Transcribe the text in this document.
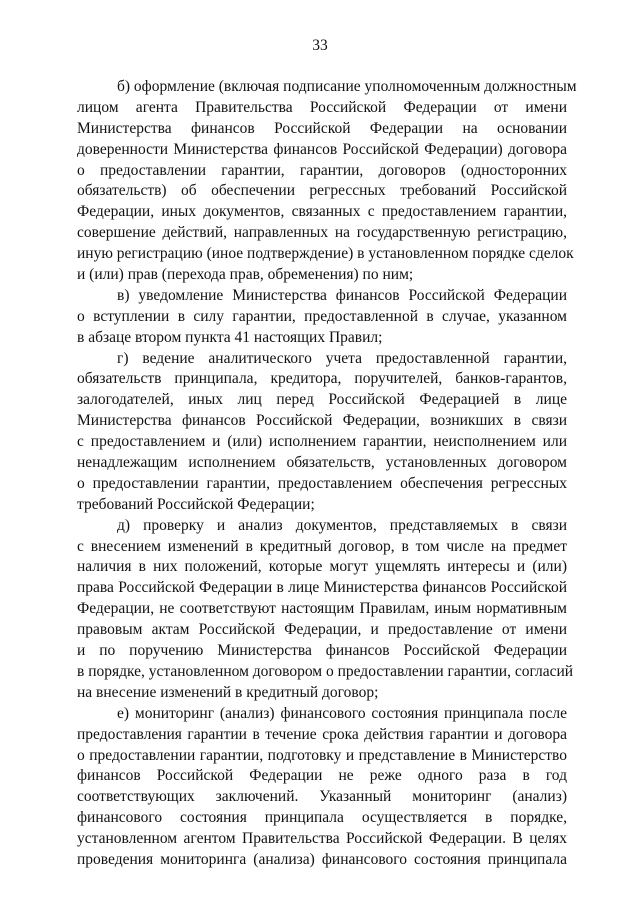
33
б) оформление (включая подписание уполномоченным должностным
лицом агента Правительства Российской Федерации от имени
Министерства финансов Российской Федерации на основании
доверенности Министерства финансов Российской Федерации) договора
о предоставлении гарантии, гарантии, договоров (односторонних
обязательств) об обеспечении регрессных требований Российской
Федерации, иных документов, связанных с предоставлением гарантии,
совершение действий, направленных на государственную регистрацию,
иную регистрацию (иное подтверждение) в установленном порядке сделок
и (или) прав (перехода прав, обременения) по ним;
в) уведомление Министерства финансов Российской Федерации
о вступлении в силу гарантии, предоставленной в случае, указанном
в абзаце втором пункта 41 настоящих Правил;
г) ведение аналитического учета предоставленной гарантии,
обязательств принципала, кредитора, поручителей, банков-гарантов,
залогодателей, иных лиц перед Российской Федерацией в лице
Министерства финансов Российской Федерации, возникших в связи
с предоставлением и (или) исполнением гарантии, неисполнением или
ненадлежащим исполнением обязательств, установленных договором
о предоставлении гарантии, предоставлением обеспечения регрессных
требований Российской Федерации;
д) проверку и анализ документов, представляемых в связи
с внесением изменений в кредитный договор, в том числе на предмет
наличия в них положений, которые могут ущемлять интересы и (или)
права Российской Федерации в лице Министерства финансов Российской
Федерации, не соответствуют настоящим Правилам, иным нормативным
правовым актам Российской Федерации, и предоставление от имени
и по поручению Министерства финансов Российской Федерации
в порядке, установленном договором о предоставлении гарантии, согласий
на внесение изменений в кредитный договор;
е) мониторинг (анализ) финансового состояния принципала после
предоставления гарантии в течение срока действия гарантии и договора
о предоставлении гарантии, подготовку и представление в Министерство
финансов Российской Федерации не реже одного раза в год
соответствующих заключений. Указанный мониторинг (анализ)
финансового состояния принципала осуществляется в порядке,
установленном агентом Правительства Российской Федерации. В целях
проведения мониторинга (анализа) финансового состояния принципала
